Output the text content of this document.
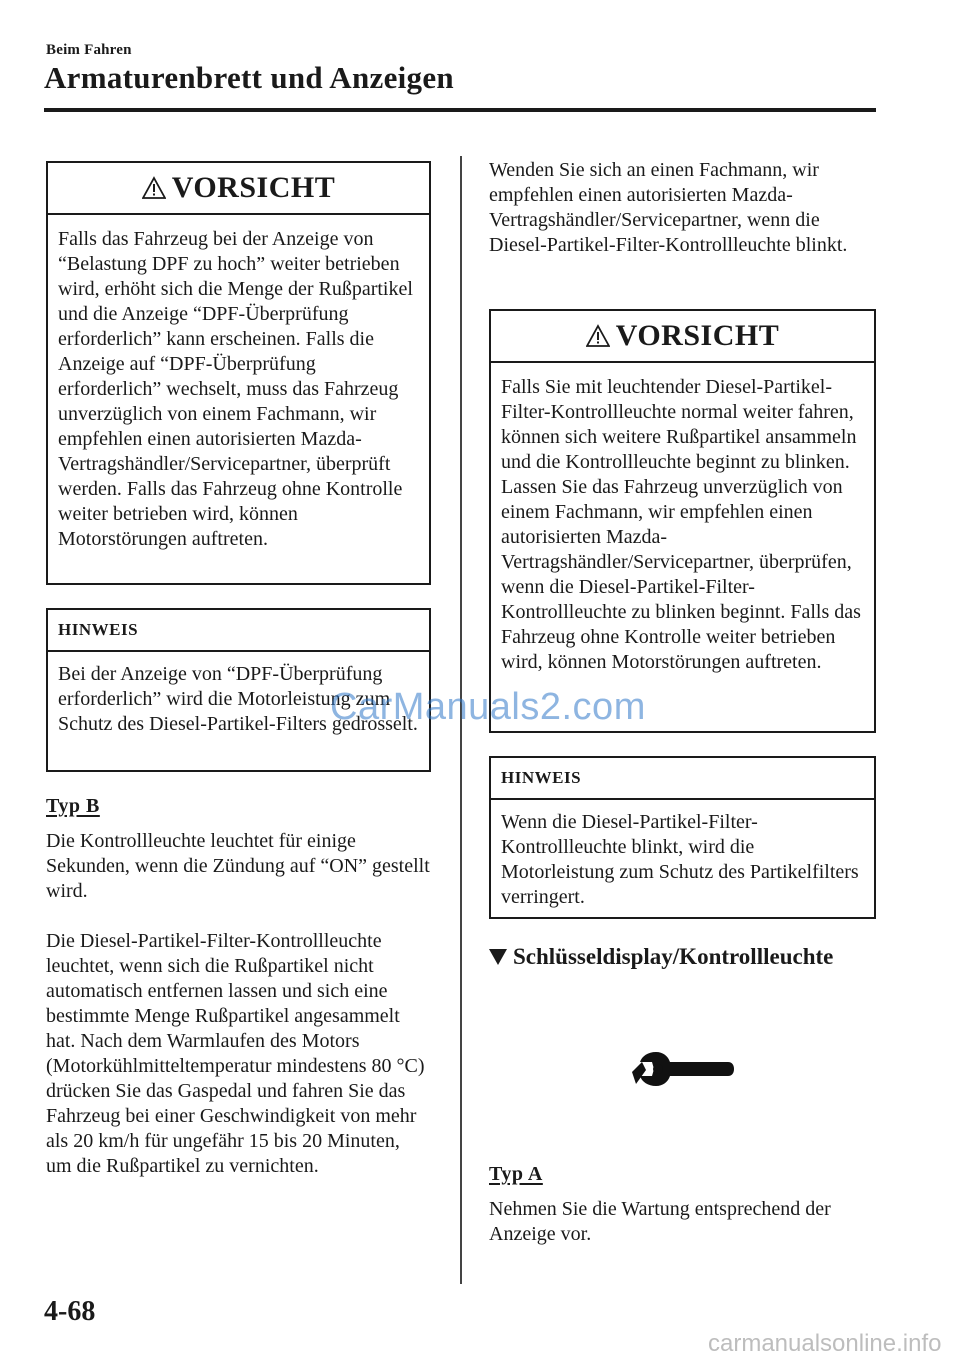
Beim Fahren
Armaturenbrett und Anzeigen
VORSICHT
Falls das Fahrzeug bei der Anzeige von “Belastung DPF zu hoch” weiter betrieben wird, erhöht sich die Menge der Rußpartikel und die Anzeige “DPF-Überprüfung erforderlich” kann erscheinen. Falls die Anzeige auf “DPF-Überprüfung erforderlich” wechselt, muss das Fahrzeug unverzüglich von einem Fachmann, wir empfehlen einen autorisierten Mazda-Vertragshändler/Servicepartner, überprüft werden. Falls das Fahrzeug ohne Kontrolle weiter betrieben wird, können Motorstörungen auftreten.
HINWEIS
Bei der Anzeige von “DPF-Überprüfung erforderlich” wird die Motorleistung zum Schutz des Diesel-Partikel-Filters gedrosselt.
Typ B
Die Kontrollleuchte leuchtet für einige Sekunden, wenn die Zündung auf “ON” gestellt wird.
Die Diesel-Partikel-Filter-Kontrollleuchte leuchtet, wenn sich die Rußpartikel nicht automatisch entfernen lassen und sich eine bestimmte Menge Rußpartikel angesammelt hat. Nach dem Warmlaufen des Motors (Motorkühlmitteltemperatur mindestens 80 °C) drücken Sie das Gaspedal und fahren Sie das Fahrzeug bei einer Geschwindigkeit von mehr als 20 km/h für ungefähr 15 bis 20 Minuten, um die Rußpartikel zu vernichten.
Wenden Sie sich an einen Fachmann, wir empfehlen einen autorisierten Mazda-Vertragshändler/Servicepartner, wenn die Diesel-Partikel-Filter-Kontrollleuchte blinkt.
VORSICHT
Falls Sie mit leuchtender Diesel-Partikel-Filter-Kontrollleuchte normal weiter fahren, können sich weitere Rußpartikel ansammeln und die Kontrollleuchte beginnt zu blinken. Lassen Sie das Fahrzeug unverzüglich von einem Fachmann, wir empfehlen einen autorisierten Mazda-Vertragshändler/Servicepartner, überprüfen, wenn die Diesel-Partikel-Filter-Kontrollleuchte zu blinken beginnt. Falls das Fahrzeug ohne Kontrolle weiter betrieben wird, können Motorstörungen auftreten.
HINWEIS
Wenn die Diesel-Partikel-Filter-Kontrollleuchte blinkt, wird die Motorleistung zum Schutz des Partikelfilters verringert.
Schlüsseldisplay/Kontrollleuchte
Typ A
Nehmen Sie die Wartung entsprechend der Anzeige vor.
4-68
CarManuals2.com
carmanualsonline.info
